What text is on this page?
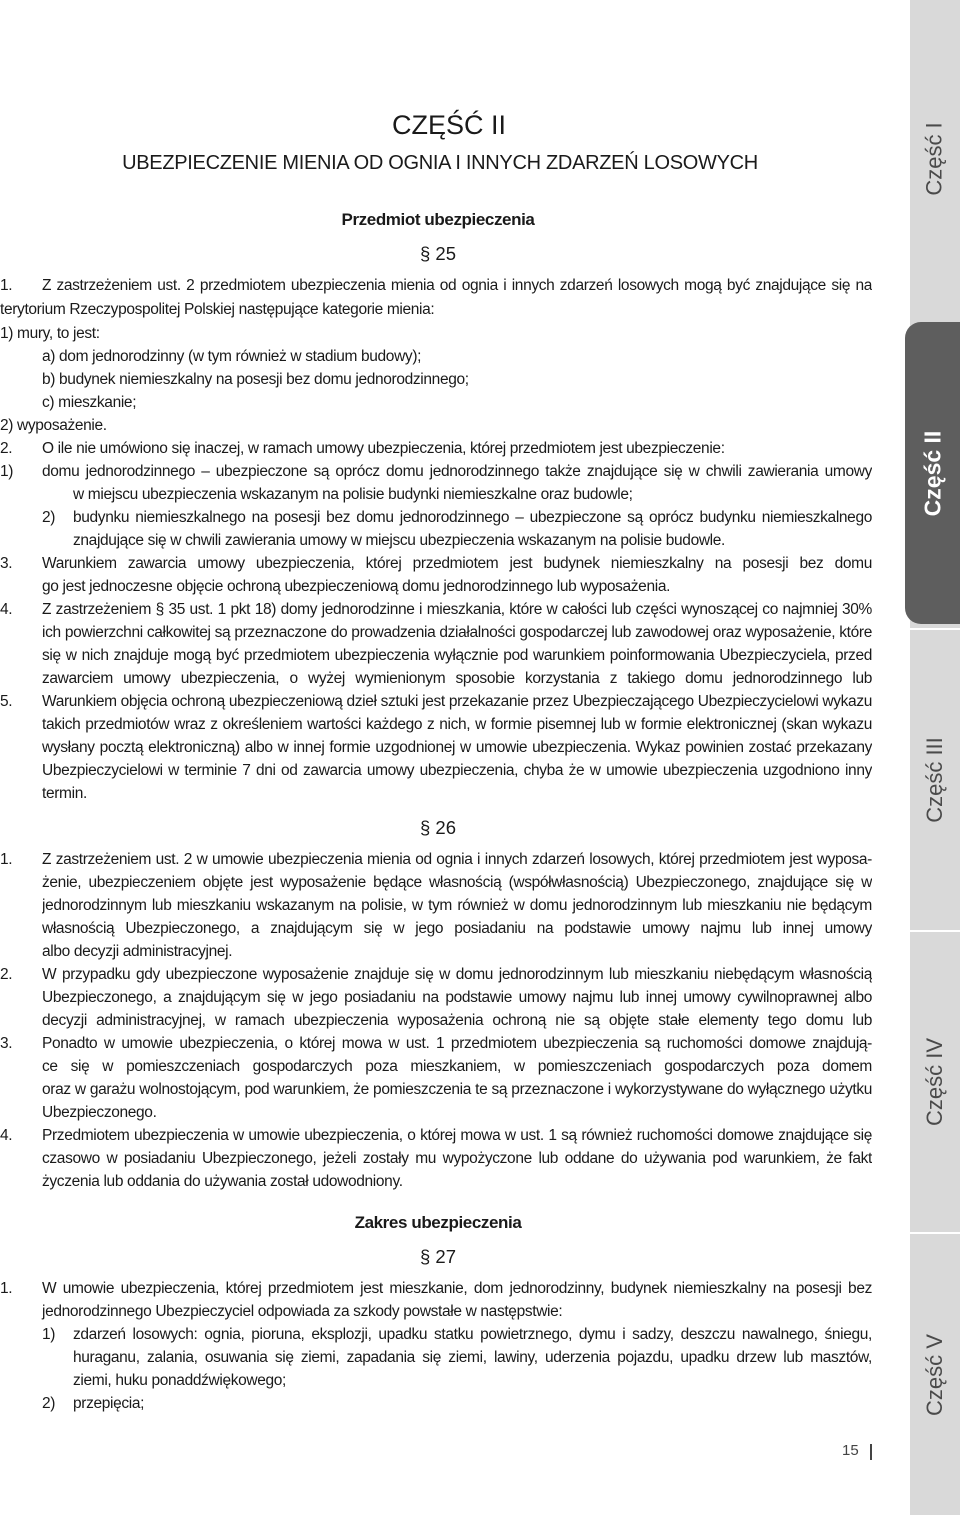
CZĘŚĆ II
UBEZPIECZENIE MIENIA OD OGNIA I INNYCH ZDARZEŃ LOSOWYCH
Przedmiot ubezpieczenia
§ 25
1. Z zastrzeżeniem ust. 2 przedmiotem ubezpieczenia mienia od ognia i innych zdarzeń losowych mogą być znajdujące się na
terytorium Rzeczypospolitej Polskiej następujące kategorie mienia:
1) mury, to jest:
a) dom jednorodzinny (w tym również w stadium budowy);
b) budynek niemieszkalny na posesji bez domu jednorodzinnego;
c) mieszkanie;
2) wyposażenie.
2. O ile nie umówiono się inaczej, w ramach umowy ubezpieczenia, której przedmiotem jest ubezpieczenie:
1) domu jednorodzinnego – ubezpieczone są oprócz domu jednorodzinnego także znajdujące się w chwili zawierania umowy
w miejscu ubezpieczenia wskazanym na polisie budynki niemieszkalne oraz budowle;
2) budynku niemieszkalnego na posesji bez domu jednorodzinnego – ubezpieczone są oprócz budynku niemieszkalnego
znajdujące się w chwili zawierania umowy w miejscu ubezpieczenia wskazanym na polisie budowle.
3. Warunkiem zawarcia umowy ubezpieczenia, której przedmiotem jest budynek niemieszkalny na posesji bez domu
go jest jednoczesne objęcie ochroną ubezpieczeniową domu jednorodzinnego lub wyposażenia.
4. Z zastrzeżeniem § 35 ust. 1 pkt 18) domy jednorodzinne i mieszkania, które w całości lub części wynoszącej co najmniej 30%
ich powierzchni całkowitej są przeznaczone do prowadzenia działalności gospodarczej lub zawodowej oraz wyposażenie, które
się w nich znajduje mogą być przedmiotem ubezpieczenia wyłącznie pod warunkiem poinformowania Ubezpieczyciela, przed
zawarciem umowy ubezpieczenia, o wyżej wymienionym sposobie korzystania z takiego domu jednorodzinnego lub
5. Warunkiem objęcia ochroną ubezpieczeniową dzieł sztuki jest przekazanie przez Ubezpieczającego Ubezpieczycielowi wykazu
takich przedmiotów wraz z określeniem wartości każdego z nich, w formie pisemnej lub w formie elektronicznej (skan wykazu
wysłany pocztą elektroniczną) albo w innej formie uzgodnionej w umowie ubezpieczenia. Wykaz powinien zostać przekazany
Ubezpieczycielowi w terminie 7 dni od zawarcia umowy ubezpieczenia, chyba że w umowie ubezpieczenia uzgodniono inny
termin.
§ 26
1. Z zastrzeżeniem ust. 2 w umowie ubezpieczenia mienia od ognia i innych zdarzeń losowych, której przedmiotem jest wyposa-
żenie, ubezpieczeniem objęte jest wyposażenie będące własnością (współwłasnością) Ubezpieczonego, znajdujące się w
jednorodzinnym lub mieszkaniu wskazanym na polisie, w tym również w domu jednorodzinnym lub mieszkaniu nie będącym
własnością Ubezpieczonego, a znajdującym się w jego posiadaniu na podstawie umowy najmu lub innej umowy
albo decyzji administracyjnej.
2. W przypadku gdy ubezpieczone wyposażenie znajduje się w domu jednorodzinnym lub mieszkaniu niebędącym własnością
Ubezpieczonego, a znajdującym się w jego posiadaniu na podstawie umowy najmu lub innej umowy cywilnoprawnej albo
decyzji administracyjnej, w ramach ubezpieczenia wyposażenia ochroną nie są objęte stałe elementy tego domu lub
3. Ponadto w umowie ubezpieczenia, o której mowa w ust. 1 przedmiotem ubezpieczenia są ruchomości domowe znajdują-
ce się w pomieszczeniach gospodarczych poza mieszkaniem, w pomieszczeniach gospodarczych poza domem
oraz w garażu wolnostojącym, pod warunkiem, że pomieszczenia te są przeznaczone i wykorzystywane do wyłącznego użytku
Ubezpieczonego.
4. Przedmiotem ubezpieczenia w umowie ubezpieczenia, o której mowa w ust. 1 są również ruchomości domowe znajdujące się
czasowo w posiadaniu Ubezpieczonego, jeżeli zostały mu wypożyczone lub oddane do używania pod warunkiem, że fakt
życzenia lub oddania do używania został udowodniony.
Zakres ubezpieczenia
§ 27
1. W umowie ubezpieczenia, której przedmiotem jest mieszkanie, dom jednorodzinny, budynek niemieszkalny na posesji bez
jednorodzinnego Ubezpieczyciel odpowiada za szkody powstałe w następstwie:
1) zdarzeń losowych: ognia, pioruna, eksplozji, upadku statku powietrznego, dymu i sadzy, deszczu nawalnego, śniegu,
huraganu, zalania, osuwania się ziemi, zapadania się ziemi, lawiny, uderzenia pojazdu, upadku drzew lub masztów,
ziemi, huku ponaddźwiękowego;
2) przepięcia;
Część I
Część II
Część III
Część IV
Część V
15
